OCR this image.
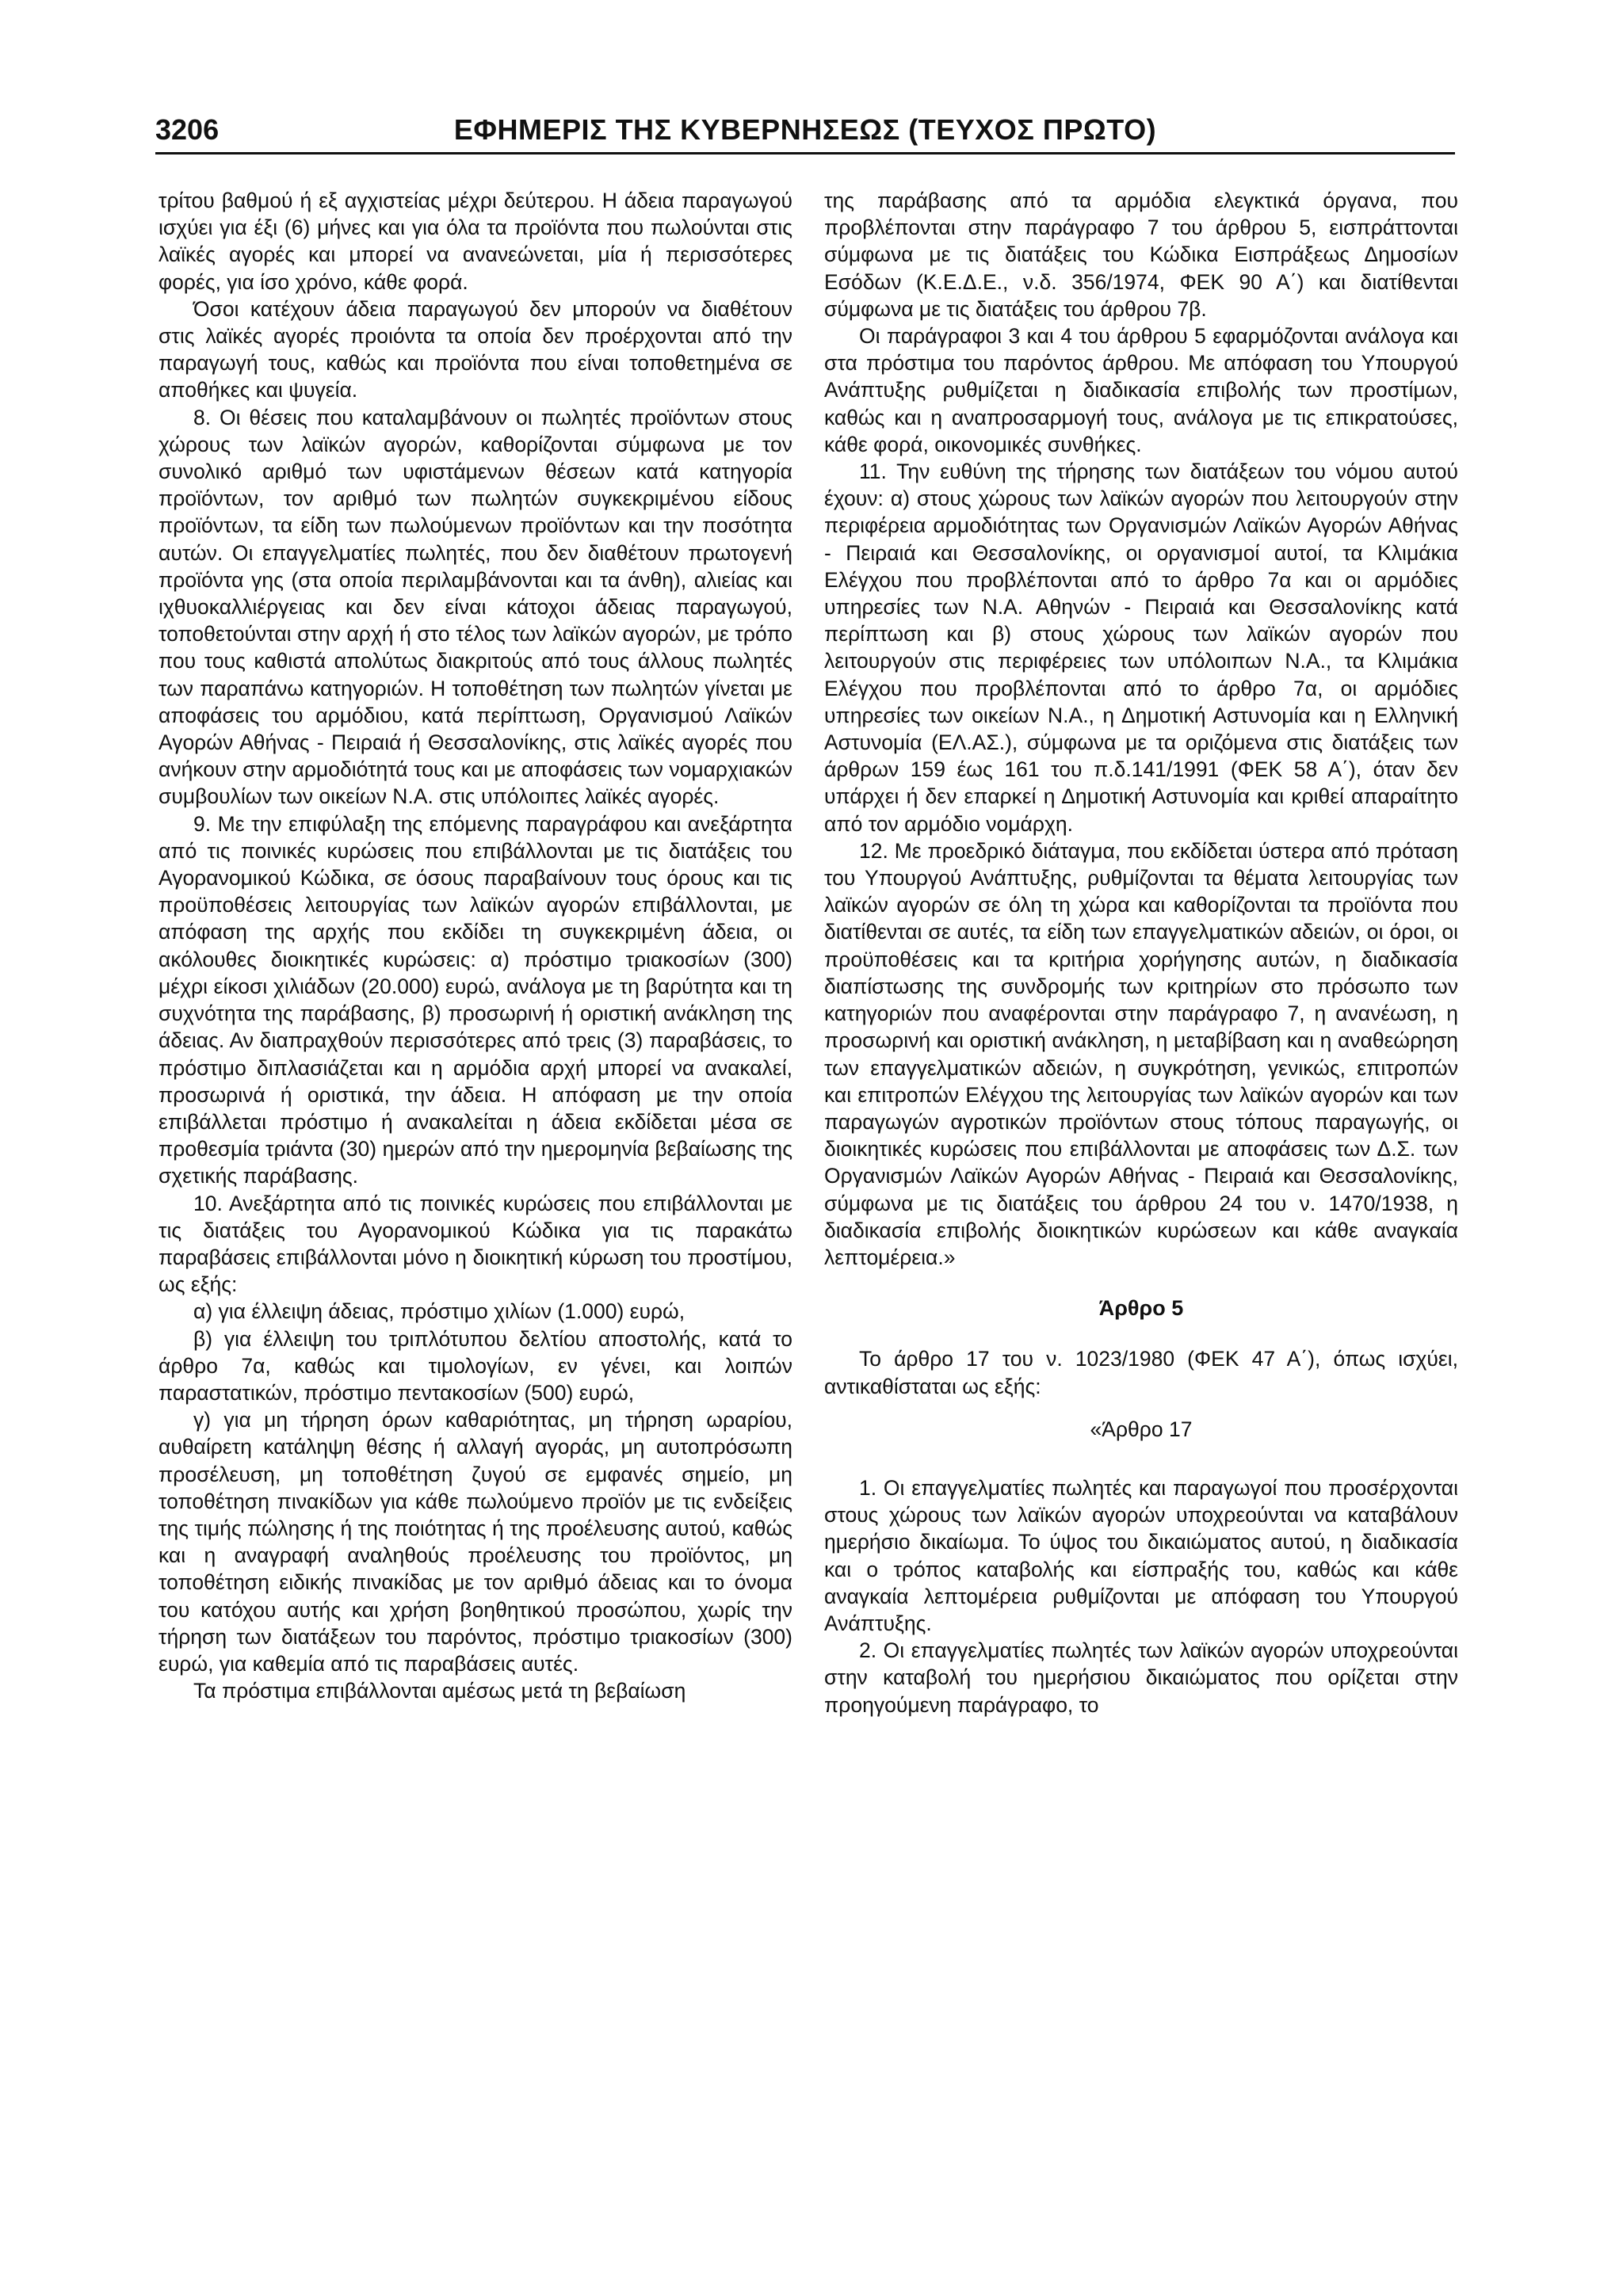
3206	ΕΦΗΜΕΡΙΣ ΤΗΣ ΚΥΒΕΡΝΗΣΕΩΣ (ΤΕΥΧΟΣ ΠΡΩΤΟ)

τρίτου βαθμού ή εξ αγχιστείας μέχρι δεύτερου. Η άδεια παραγωγού ισχύει για έξι (6) μήνες και για όλα τα προϊόντα που πωλούνται στις λαϊκές αγορές και μπορεί να ανανεώνεται, μία ή περισσότερες φορές, για ίσο χρόνο, κάθε φορά.

Όσοι κατέχουν άδεια παραγωγού δεν μπορούν να διαθέτουν στις λαϊκές αγορές προιόντα τα οποία δεν προέρχονται από την παραγωγή τους, καθώς και προϊόντα που είναι τοποθετημένα σε αποθήκες και ψυγεία.

8. Οι θέσεις που καταλαμβάνουν οι πωλητές προϊόντων στους χώρους των λαϊκών αγορών, καθορίζονται σύμφωνα με τον συνολικό αριθμό των υφιστάμενων θέσεων κατά κατηγορία προϊόντων, τον αριθμό των πωλητών συγκεκριμένου είδους προϊόντων, τα είδη των πωλούμενων προϊόντων και την ποσότητα αυτών. Οι επαγγελματίες πωλητές, που δεν διαθέτουν πρωτογενή προϊόντα γης (στα οποία περιλαμβάνονται και τα άνθη), αλιείας και ιχθυοκαλλιέργειας και δεν είναι κάτοχοι άδειας παραγωγού, τοποθετούνται στην αρχή ή στο τέλος των λαϊκών αγορών, με τρόπο που τους καθιστά απολύτως διακριτούς από τους άλλους πωλητές των παραπάνω κατηγοριών. Η τοποθέτηση των πωλητών γίνεται με αποφάσεις του αρμόδιου, κατά περίπτωση, Οργανισμού Λαϊκών Αγορών Αθήνας - Πειραιά ή Θεσσαλονίκης, στις λαϊκές αγορές που ανήκουν στην αρμοδιότητά τους και με αποφάσεις των νομαρχιακών συμβουλίων των οικείων Ν.Α. στις υπόλοιπες λαϊκές αγορές.

9. Με την επιφύλαξη της επόμενης παραγράφου και ανεξάρτητα από τις ποινικές κυρώσεις που επιβάλλονται με τις διατάξεις του Αγορανομικού Κώδικα, σε όσους παραβαίνουν τους όρους και τις προϋποθέσεις λειτουργίας των λαϊκών αγορών επιβάλλονται, με απόφαση της αρχής που εκδίδει τη συγκεκριμένη άδεια, οι ακόλουθες διοικητικές κυρώσεις: α) πρόστιμο τριακοσίων (300) μέχρι είκοσι χιλιάδων (20.000) ευρώ, ανάλογα με τη βαρύτητα και τη συχνότητα της παράβασης, β) προσωρινή ή οριστική ανάκληση της άδειας. Αν διαπραχθούν περισσότερες από τρεις (3) παραβάσεις, το πρόστιμο διπλασιάζεται και η αρμόδια αρχή μπορεί να ανακαλεί, προσωρινά ή οριστικά, την άδεια. Η απόφαση με την οποία επιβάλλεται πρόστιμο ή ανακαλείται η άδεια εκδίδεται μέσα σε προθεσμία τριάντα (30) ημερών από την ημερομηνία βεβαίωσης της σχετικής παράβασης.

10. Ανεξάρτητα από τις ποινικές κυρώσεις που επιβάλλονται με τις διατάξεις του Αγορανομικού Κώδικα για τις παρακάτω παραβάσεις επιβάλλονται μόνο η διοικητική κύρωση του προστίμου, ως εξής:

α) για έλλειψη άδειας, πρόστιμο χιλίων (1.000) ευρώ,

β) για έλλειψη του τριπλότυπου δελτίου αποστολής, κατά το άρθρο 7α, καθώς και τιμολογίων, εν γένει, και λοιπών παραστατικών, πρόστιμο πεντακοσίων (500) ευρώ,

γ) για μη τήρηση όρων καθαριότητας, μη τήρηση ωραρίου, αυθαίρετη κατάληψη θέσης ή αλλαγή αγοράς, μη αυτοπρόσωπη προσέλευση, μη τοποθέτηση ζυγού σε εμφανές σημείο, μη τοποθέτηση πινακίδων για κάθε πωλούμενο προϊόν με τις ενδείξεις της τιμής πώλησης ή της ποιότητας ή της προέλευσης αυτού, καθώς και η αναγραφή αναληθούς προέλευσης του προϊόντος, μη τοποθέτηση ειδικής πινακίδας με τον αριθμό άδειας και το όνομα του κατόχου αυτής και χρήση βοηθητικού προσώπου, χωρίς την τήρηση των διατάξεων του παρόντος, πρόστιμο τριακοσίων (300) ευρώ, για καθεμία από τις παραβάσεις αυτές.

Τα πρόστιμα επιβάλλονται αμέσως μετά τη βεβαίωση

της παράβασης από τα αρμόδια ελεγκτικά όργανα, που προβλέπονται στην παράγραφο 7 του άρθρου 5, εισπράττονται σύμφωνα με τις διατάξεις του Κώδικα Εισπράξεως Δημοσίων Εσόδων (Κ.Ε.Δ.Ε., ν.δ. 356/1974, ΦΕΚ 90 Α΄) και διατίθενται σύμφωνα με τις διατάξεις του άρθρου 7β.

Οι παράγραφοι 3 και 4 του άρθρου 5 εφαρμόζονται ανάλογα και στα πρόστιμα του παρόντος άρθρου. Με απόφαση του Υπουργού Ανάπτυξης ρυθμίζεται η διαδικασία επιβολής των προστίμων, καθώς και η αναπροσαρμογή τους, ανάλογα με τις επικρατούσες, κάθε φορά, οικονομικές συνθήκες.

11. Την ευθύνη της τήρησης των διατάξεων του νόμου αυτού έχουν: α) στους χώρους των λαϊκών αγορών που λειτουργούν στην περιφέρεια αρμοδιότητας των Οργανισμών Λαϊκών Αγορών Αθήνας - Πειραιά και Θεσσαλονίκης, οι οργανισμοί αυτοί, τα Κλιμάκια Ελέγχου που προβλέπονται από το άρθρο 7α και οι αρμόδιες υπηρεσίες των Ν.Α. Αθηνών - Πειραιά και Θεσσαλονίκης κατά περίπτωση και β) στους χώρους των λαϊκών αγορών που λειτουργούν στις περιφέρειες των υπόλοιπων Ν.Α., τα Κλιμάκια Ελέγχου που προβλέπονται από το άρθρο 7α, οι αρμόδιες υπηρεσίες των οικείων Ν.Α., η Δημοτική Αστυνομία και η Ελληνική Αστυνομία (ΕΛ.ΑΣ.), σύμφωνα με τα οριζόμενα στις διατάξεις των άρθρων 159 έως 161 του π.δ.141/1991 (ΦΕΚ 58 Α΄), όταν δεν υπάρχει ή δεν επαρκεί η Δημοτική Αστυνομία και κριθεί απαραίτητο από τον αρμόδιο νομάρχη.

12. Με προεδρικό διάταγμα, που εκδίδεται ύστερα από πρόταση του Υπουργού Ανάπτυξης, ρυθμίζονται τα θέματα λειτουργίας των λαϊκών αγορών σε όλη τη χώρα και καθορίζονται τα προϊόντα που διατίθενται σε αυτές, τα είδη των επαγγελματικών αδειών, οι όροι, οι προϋποθέσεις και τα κριτήρια χορήγησης αυτών, η διαδικασία διαπίστωσης της συνδρομής των κριτηρίων στο πρόσωπο των κατηγοριών που αναφέρονται στην παράγραφο 7, η ανανέωση, η προσωρινή και οριστική ανάκληση, η μεταβίβαση και η αναθεώρηση των επαγγελματικών αδειών, η συγκρότηση, γενικώς, επιτροπών και επιτροπών Ελέγχου της λειτουργίας των λαϊκών αγορών και των παραγωγών αγροτικών προϊόντων στους τόπους παραγωγής, οι διοικητικές κυρώσεις που επιβάλλονται με αποφάσεις των Δ.Σ. των Οργανισμών Λαϊκών Αγορών Αθήνας - Πειραιά και Θεσσαλονίκης, σύμφωνα με τις διατάξεις του άρθρου 24 του ν. 1470/1938, η διαδικασία επιβολής διοικητικών κυρώσεων και κάθε αναγκαία λεπτομέρεια.»

Άρθρο 5

Το άρθρο 17 του ν. 1023/1980 (ΦΕΚ 47 Α΄), όπως ισχύει, αντικαθίσταται ως εξής:

«Άρθρο 17

1. Οι επαγγελματίες πωλητές και παραγωγοί που προσέρχονται στους χώρους των λαϊκών αγορών υποχρεούνται να καταβάλουν ημερήσιο δικαίωμα. Το ύψος του δικαιώματος αυτού, η διαδικασία και ο τρόπος καταβολής και είσπραξής του, καθώς και κάθε αναγκαία λεπτομέρεια ρυθμίζονται με απόφαση του Υπουργού Ανάπτυξης.

2. Οι επαγγελματίες πωλητές των λαϊκών αγορών υποχρεούνται στην καταβολή του ημερήσιου δικαιώματος που ορίζεται στην προηγούμενη παράγραφο, το
